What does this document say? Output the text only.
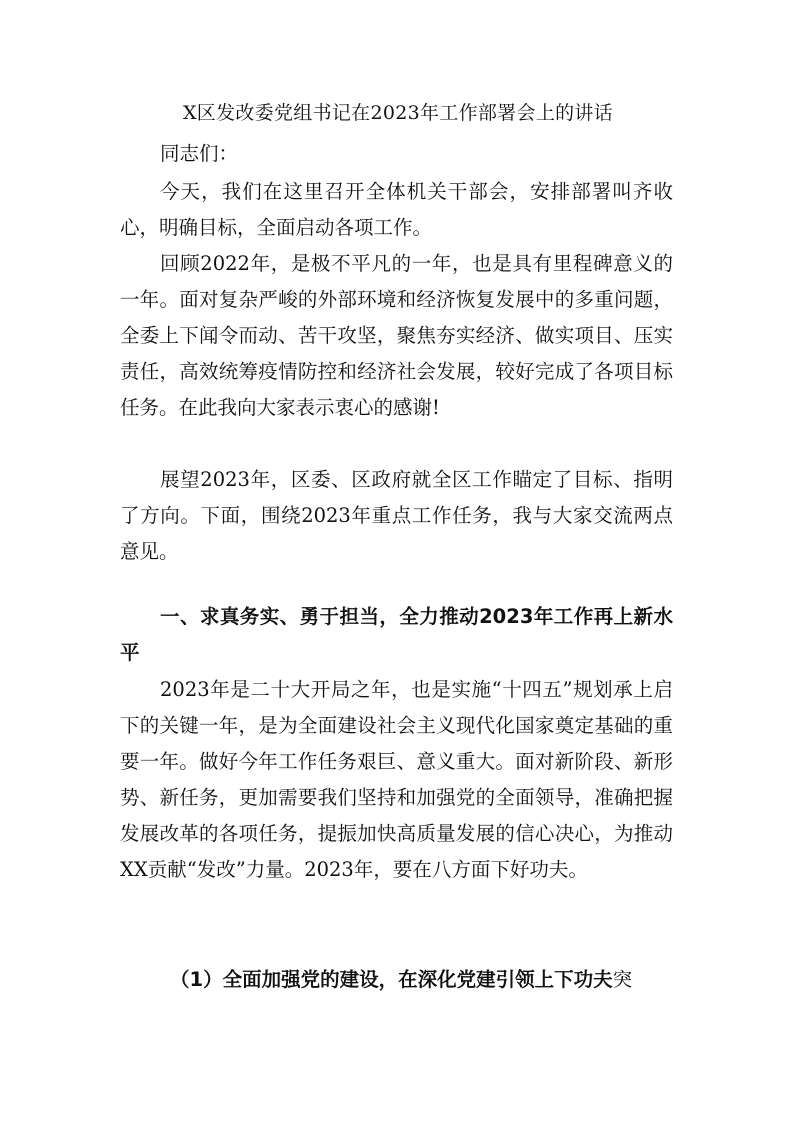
X区发改委党组书记在2023年工作部署会上的讲话
同志们：
今天，我们在这里召开全体机关干部会，安排部署叫齐收心，明确目标，全面启动各项工作。
回顾2022年，是极不平凡的一年，也是具有里程碑意义的一年。面对复杂严峻的外部环境和经济恢复发展中的多重问题，全委上下闻令而动、苦干攻坚，聚焦夯实经济、做实项目、压实责任，高效统筹疫情防控和经济社会发展，较好完成了各项目标任务。在此我向大家表示衷心的感谢!
展望2023年，区委、区政府就全区工作瞄定了目标、指明了方向。下面，围绕2023年重点工作任务，我与大家交流两点意见。
一、求真务实、勇于担当，全力推动2023年工作再上新水平
2023年是二十大开局之年，也是实施“十四五”规划承上启下的关键一年，是为全面建设社会主义现代化国家奠定基础的重要一年。做好今年工作任务艰巨、意义重大。面对新阶段、新形势、新任务，更加需要我们坚持和加强党的全面领导，准确把握发展改革的各项任务，提振加快高质量发展的信心决心，为推动XX贡献“发改”力量。2023年，要在八方面下好功夫。
（1）全面加强党的建设，在深化党建引领上下功夫突
